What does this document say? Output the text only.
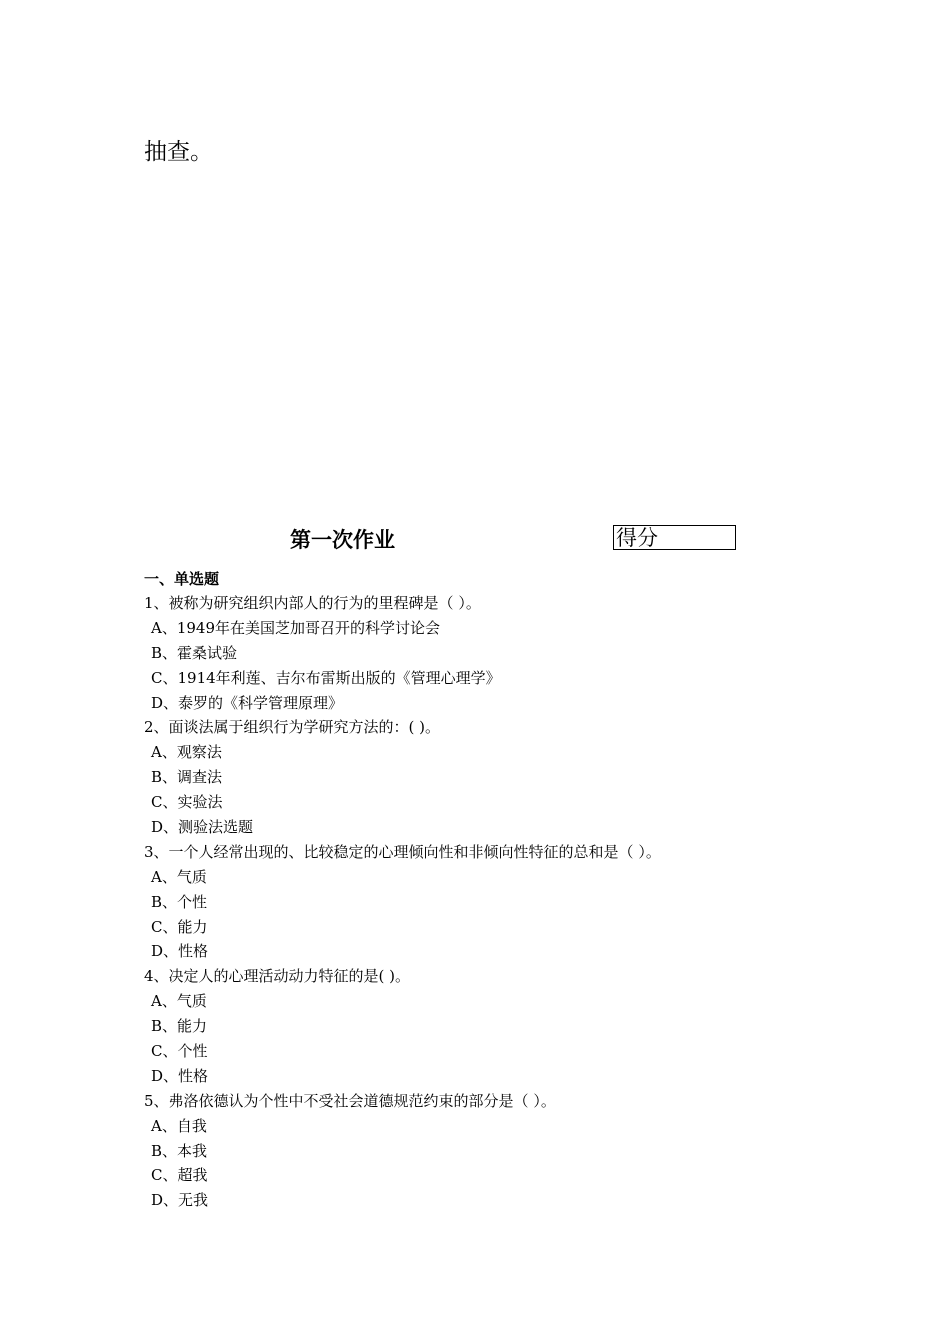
抽查。
第一次作业	得分
一、单选题
1、被称为研究组织内部人的行为的里程碑是（ ）。
A、1949年在美国芝加哥召开的科学讨论会
B、霍桑试验
C、1914年利莲、吉尔布雷斯出版的《管理心理学》
D、泰罗的《科学管理原理》
2、面谈法属于组织行为学研究方法的：( )。
A、观察法
B、调查法
C、实验法
D、测验法选题
3、一个人经常出现的、比较稳定的心理倾向性和非倾向性特征的总和是（ ）。
A、气质
B、个性
C、能力
D、性格
4、决定人的心理活动动力特征的是( )。
A、气质
B、能力
C、个性
D、性格
5、弗洛依德认为个性中不受社会道德规范约束的部分是（ ）。
A、自我
B、本我
C、超我
D、无我
